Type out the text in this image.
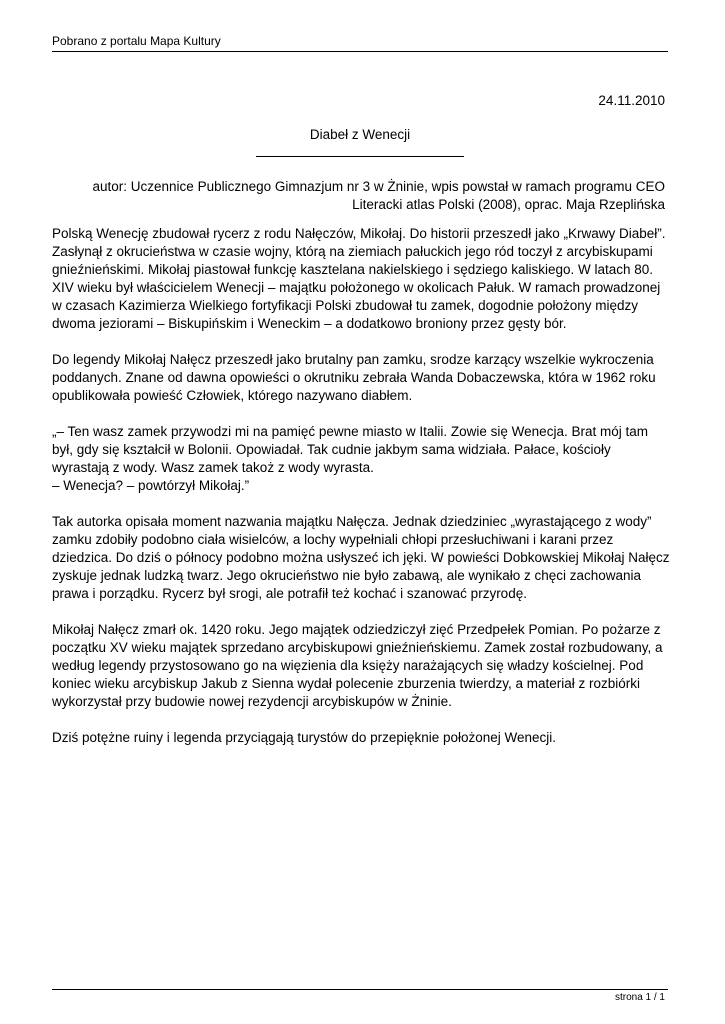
Pobrano z portalu Mapa Kultury
24.11.2010
Diabeł z Wenecji
autor: Uczennice Publicznego Gimnazjum nr 3 w Żninie, wpis powstał w ramach programu CEO
Literacki atlas Polski (2008), oprac. Maja Rzeplińska

Polską Wenecję zbudował rycerz z rodu Nałęczów, Mikołaj. Do historii przeszedł jako „Krwawy Diabeł”. Zasłynął z okrucieństwa w czasie wojny, którą na ziemiach pałuckich jego ród toczył z arcybiskupami gnieźnieńskimi. Mikołaj piastował funkcję kasztelana nakielskiego i sędziego kaliskiego. W latach 80. XIV wieku był właścicielem Wenecji – majątku położonego w okolicach Pałuk. W ramach prowadzonej w czasach Kazimierza Wielkiego fortyfikacji Polski zbudował tu zamek, dogodnie położony między dwoma jeziorami – Biskupińskim i Weneckim – a dodatkowo broniony przez gęsty bór.

Do legendy Mikołaj Nałęcz przeszedł jako brutalny pan zamku, srodze karzący wszelkie wykroczenia poddanych. Znane od dawna opowieści o okrutniku zebrała Wanda Dobaczewska, która w 1962 roku opublikowała powieść Człowiek, którego nazywano diabłem.

„– Ten wasz zamek przywodzi mi na pamięć pewne miasto w Italii. Zowie się Wenecja. Brat mój tam był, gdy się kształcił w Bolonii. Opowiadał. Tak cudnie jakbym sama widziała. Pałace, kościoły wyrastają z wody. Wasz zamek takoż z wody wyrasta.
– Wenecja? – powtórzył Mikołaj.”

Tak autorka opisała moment nazwania majątku Nałęcza. Jednak dziedziniec „wyrastającego z wody” zamku zdobiły podobno ciała wisielców, a lochy wypełniali chłopi przesłuchiwani i karani przez dziedzica. Do dziś o północy podobno można usłyszeć ich jęki. W powieści Dobkowskiej Mikołaj Nałęcz zyskuje jednak ludzką twarz. Jego okrucieństwo nie było zabawą, ale wynikało z chęci zachowania prawa i porządku. Rycerz był srogi, ale potrafił też kochać i szanować przyrodę.

Mikołaj Nałęcz zmarł ok. 1420 roku. Jego majątek odziedziczył zięć Przedpełek Pomian. Po pożarze z początku XV wieku majątek sprzedano arcybiskupowi gnieźnieńskiemu. Zamek został rozbudowany, a według legendy przystosowano go na więzienia dla księży narażających się władzy kościelnej. Pod koniec wieku arcybiskup Jakub z Sienna wydał polecenie zburzenia twierdzy, a materiał z rozbiórki wykorzystał przy budowie nowej rezydencji arcybiskupów w Żninie.

Dziś potężne ruiny i legenda przyciągają turystów do przepięknie położonej Wenecji.

strona 1 / 1
